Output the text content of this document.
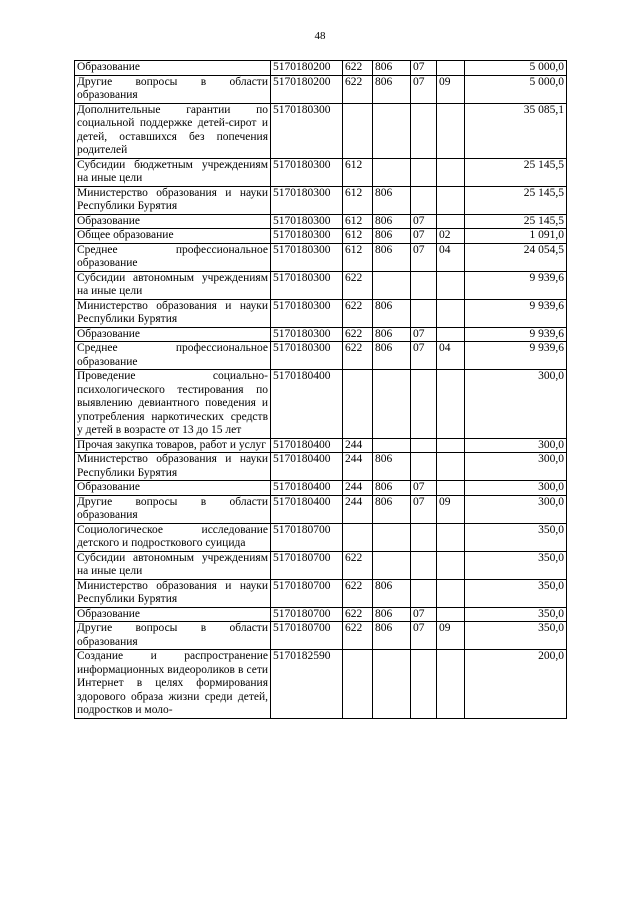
48
Образование	5170180200	622	806	07		5 000,0
Другие вопросы в области образования	5170180200	622	806	07	09	5 000,0
Дополнительные гарантии по социальной поддержке детей-сирот и детей, оставшихся без попечения родителей	5170180300					35 085,1
Субсидии бюджетным учреждениям на иные цели	5170180300	612				25 145,5
Министерство образования и науки Республики Бурятия	5170180300	612	806			25 145,5
Образование	5170180300	612	806	07		25 145,5
Общее образование	5170180300	612	806	07	02	1 091,0
Среднее профессиональное образование	5170180300	612	806	07	04	24 054,5
Субсидии автономным учреждениям на иные цели	5170180300	622				9 939,6
Министерство образования и науки Республики Бурятия	5170180300	622	806			9 939,6
Образование	5170180300	622	806	07		9 939,6
Среднее профессиональное образование	5170180300	622	806	07	04	9 939,6
Проведение социально-психологического тестирования по выявлению девиантного поведения и употребления наркотических средств у детей в возрасте от 13 до 15 лет	5170180400					300,0
Прочая закупка товаров, работ и услуг	5170180400	244				300,0
Министерство образования и науки Республики Бурятия	5170180400	244	806			300,0
Образование	5170180400	244	806	07		300,0
Другие вопросы в области образования	5170180400	244	806	07	09	300,0
Социологическое исследование детского и подросткового суицида	5170180700					350,0
Субсидии автономным учреждениям на иные цели	5170180700	622				350,0
Министерство образования и науки Республики Бурятия	5170180700	622	806			350,0
Образование	5170180700	622	806	07		350,0
Другие вопросы в области образования	5170180700	622	806	07	09	350,0
Создание и распространение информационных видеороликов в сети Интернет в целях формирования здорового образа жизни среди детей, подростков и моло-	5170182590					200,0
